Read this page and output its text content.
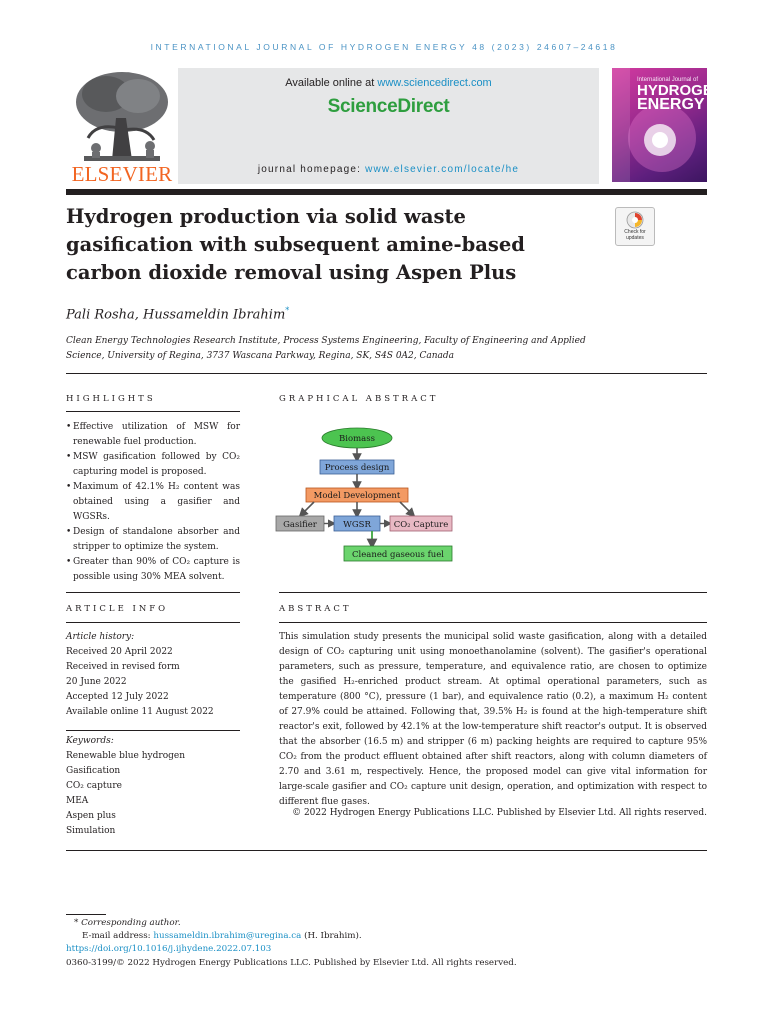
INTERNATIONAL JOURNAL OF HYDROGEN ENERGY 48 (2023) 24607–24618
ELSEVIER
Available online at www.sciencedirect.com
ScienceDirect
journal homepage: www.elsevier.com/locate/he
International Journal of
HYDROGEN
ENERGY
Hydrogen production via solid waste gasification with subsequent amine-based carbon dioxide removal using Aspen Plus
Check for updates
Pali Rosha, Hussameldin Ibrahim*
Clean Energy Technologies Research Institute, Process Systems Engineering, Faculty of Engineering and Applied Science, University of Regina, 3737 Wascana Parkway, Regina, SK, S4S 0A2, Canada
HIGHLIGHTS
• Effective utilization of MSW for renewable fuel production.
• MSW gasification followed by CO₂ capturing model is proposed.
• Maximum of 42.1% H₂ content was obtained using a gasifier and WGSRs.
• Design of standalone absorber and stripper to optimize the system.
• Greater than 90% of CO₂ capture is possible using 30% MEA solvent.
GRAPHICAL ABSTRACT
Biomass
Process design
Model Development
Gasifier	WGSR	CO₂ Capture
Cleaned gaseous fuel
ARTICLE INFO
Article history:
Received 20 April 2022
Received in revised form
20 June 2022
Accepted 12 July 2022
Available online 11 August 2022
Keywords:
Renewable blue hydrogen
Gasification
CO₂ capture
MEA
Aspen plus
Simulation
ABSTRACT
This simulation study presents the municipal solid waste gasification, along with a detailed design of CO₂ capturing unit using monoethanolamine (solvent). The gasifier's operational parameters, such as pressure, temperature, and equivalence ratio, are chosen to optimize the gasified H₂-enriched product stream. At optimal operational parameters, such as temperature (800 °C), pressure (1 bar), and equivalence ratio (0.2), a maximum H₂ content of 27.9% could be attained. Following that, 39.5% H₂ is found at the high-temperature shift reactor's exit, followed by 42.1% at the low-temperature shift reactor's output. It is observed that the absorber (16.5 m) and stripper (6 m) packing heights are required to capture 95% CO₂ from the product effluent obtained after shift reactors, along with column diameters of 2.70 and 3.61 m, respectively. Hence, the proposed model can give vital information for large-scale gasifier and CO₂ capture unit design, operation, and optimization with respect to different flue gases.
© 2022 Hydrogen Energy Publications LLC. Published by Elsevier Ltd. All rights reserved.
* Corresponding author.
E-mail address: hussameldin.ibrahim@uregina.ca (H. Ibrahim).
https://doi.org/10.1016/j.ijhydene.2022.07.103
0360-3199/© 2022 Hydrogen Energy Publications LLC. Published by Elsevier Ltd. All rights reserved.
